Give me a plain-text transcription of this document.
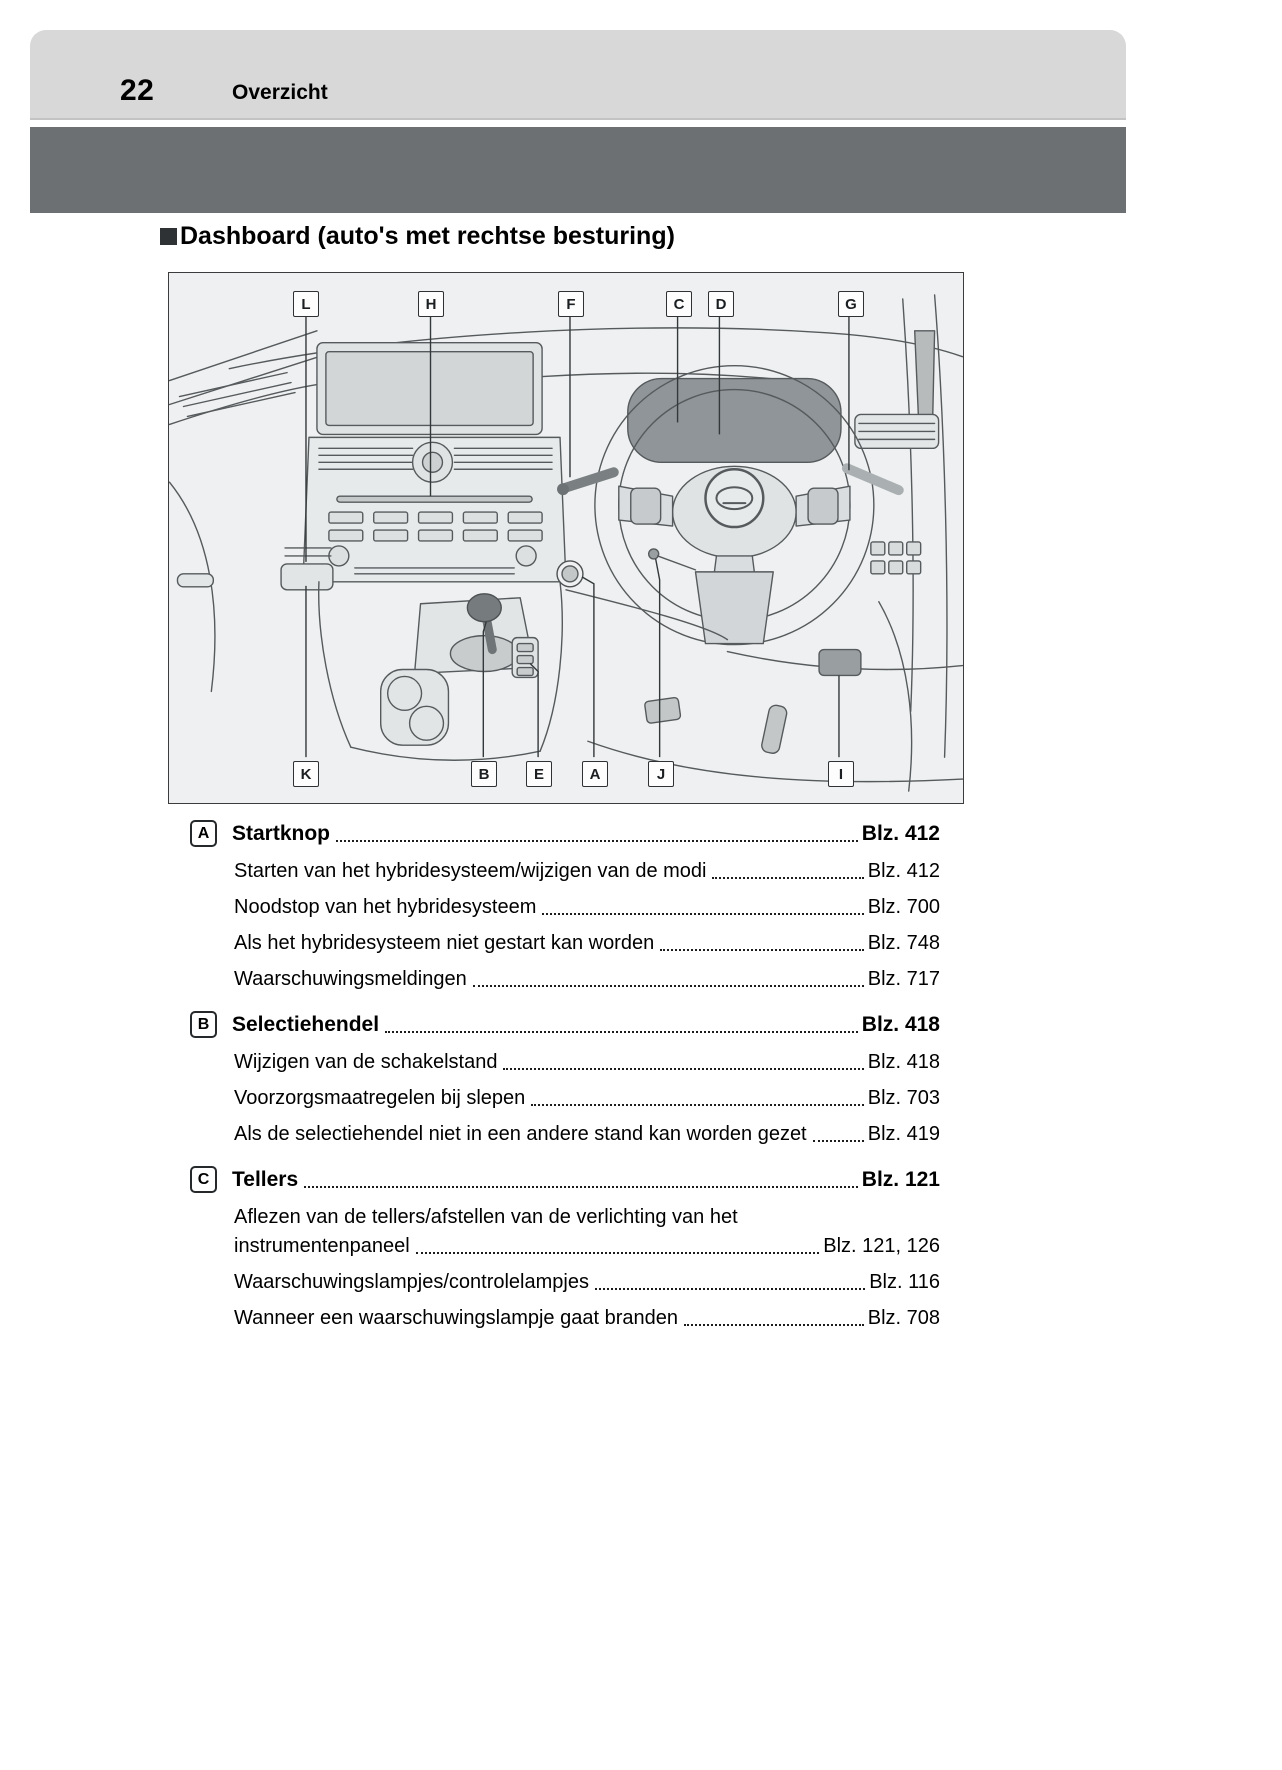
22	Overzicht
Dashboard (auto's met rechtse besturing)
L	H	F	C	D	G
K	B	E	A	J	I
A	Startknop	Blz. 412
Starten van het hybridesysteem/wijzigen van de modi	Blz. 412
Noodstop van het hybridesysteem	Blz. 700
Als het hybridesysteem niet gestart kan worden	Blz. 748
Waarschuwingsmeldingen	Blz. 717
B	Selectiehendel	Blz. 418
Wijzigen van de schakelstand	Blz. 418
Voorzorgsmaatregelen bij slepen	Blz. 703
Als de selectiehendel niet in een andere stand kan worden gezet	Blz. 419
C	Tellers	Blz. 121
Aflezen van de tellers/afstellen van de verlichting van het
instrumentenpaneel	Blz. 121, 126
Waarschuwingslampjes/controlelampjes	Blz. 116
Wanneer een waarschuwingslampje gaat branden	Blz. 708
